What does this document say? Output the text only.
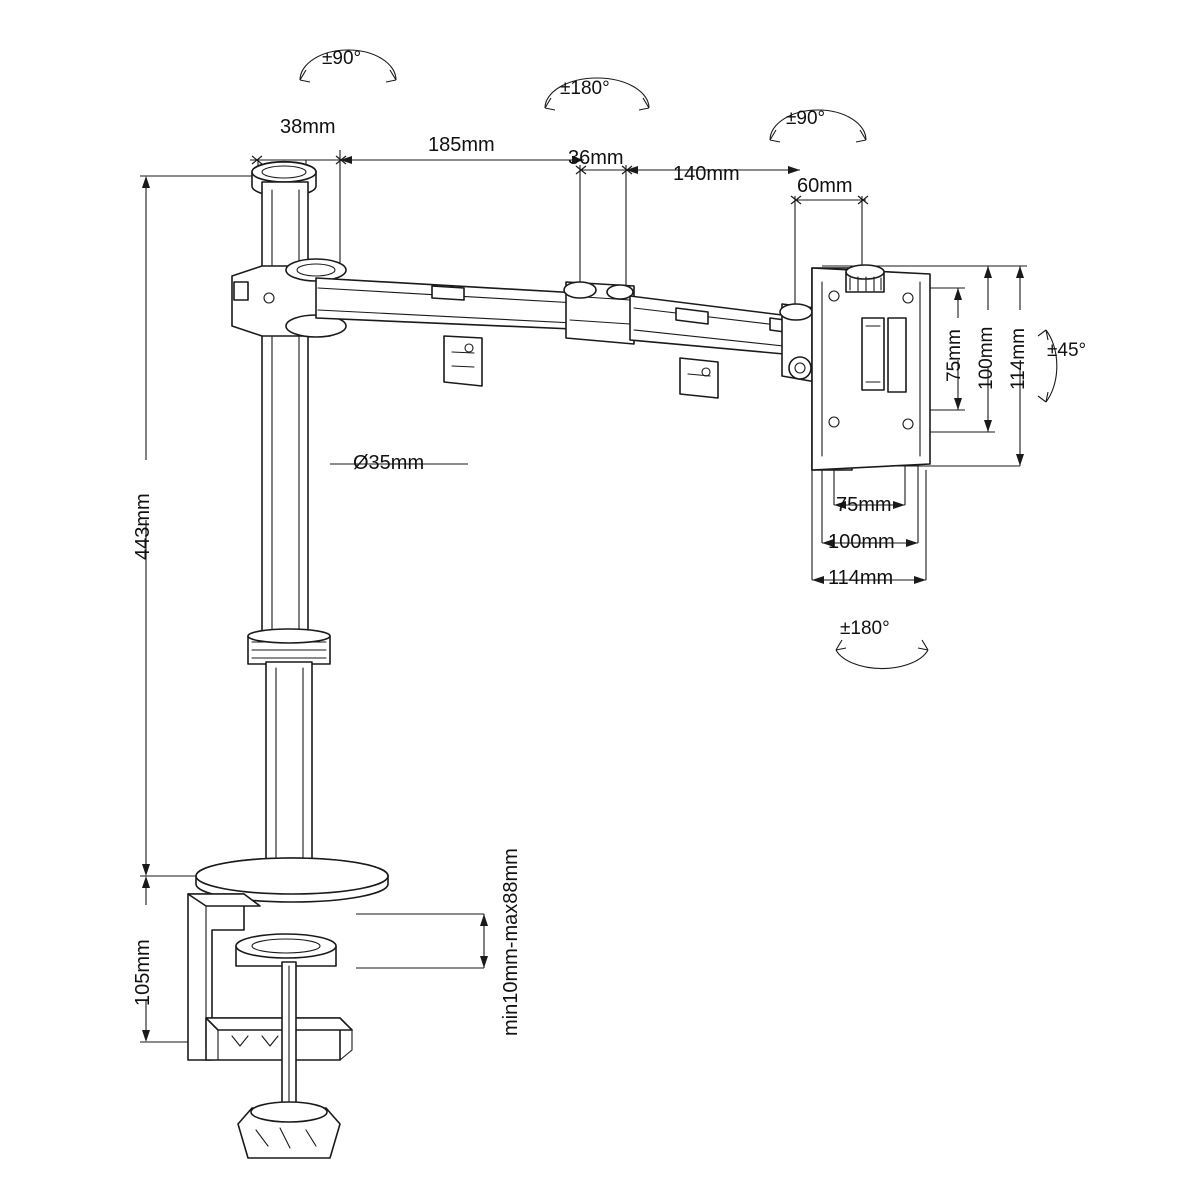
±90°
±180°
±90°
±45°
±180°
38mm
185mm
36mm
140mm
60mm
443mm
105mm
Ø35mm
min10mm-max88mm
75mm 100mm 114mm
75mm
100mm
114mm
